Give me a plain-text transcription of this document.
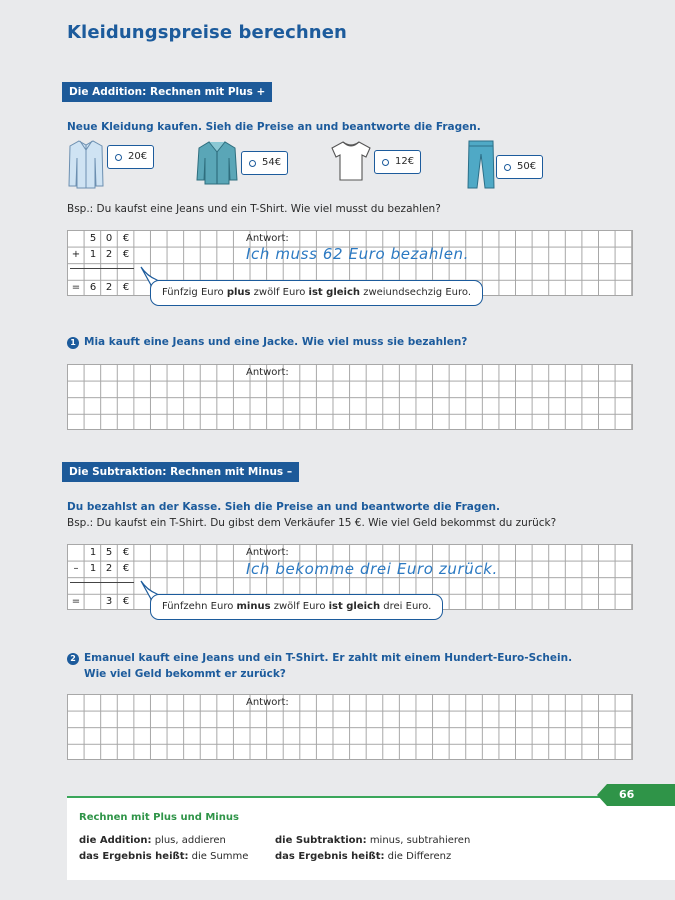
Kleidungspreise berechnen
Die Addition: Rechnen mit Plus +
Neue Kleidung kaufen. Sieh die Preise an und beantworte die Fragen.
20€
54€	12€	50€
Bsp.: Du kaufst eine Jeans und ein T-Shirt. Wie viel musst du bezahlen?
5 0	€
+ 1 2	€
= 6 2	€
Antwort:
Ich muss 62 Euro bezahlen.
Fünfzig Euro plus zwölf Euro ist gleich zweiundsechzig Euro.
1 Mia kauft eine Jeans und eine Jacke. Wie viel muss sie bezahlen?
Antwort:
Die Subtraktion: Rechnen mit Minus –
Du bezahlst an der Kasse. Sieh die Preise an und beantworte die Fragen.
Bsp.: Du kaufst ein T-Shirt. Du gibst dem Verkäufer 15 €. Wie viel Geld bekommst du zurück?
1 5	€
–	1 2	€
=	3	€
Antwort:
Ich bekomme drei Euro zurück.
Fünfzehn Euro minus zwölf Euro ist gleich drei Euro.
2 Emanuel kauft eine Jeans und ein T-Shirt. Er zahlt mit einem Hundert-Euro-Schein.
Wie viel Geld bekommt er zurück?
Antwort:
Rechnen mit Plus und Minus
die Addition: plus, addieren
das Ergebnis heißt: die Summe
die Subtraktion: minus, subtrahieren
das Ergebnis heißt: die Differenz
66
